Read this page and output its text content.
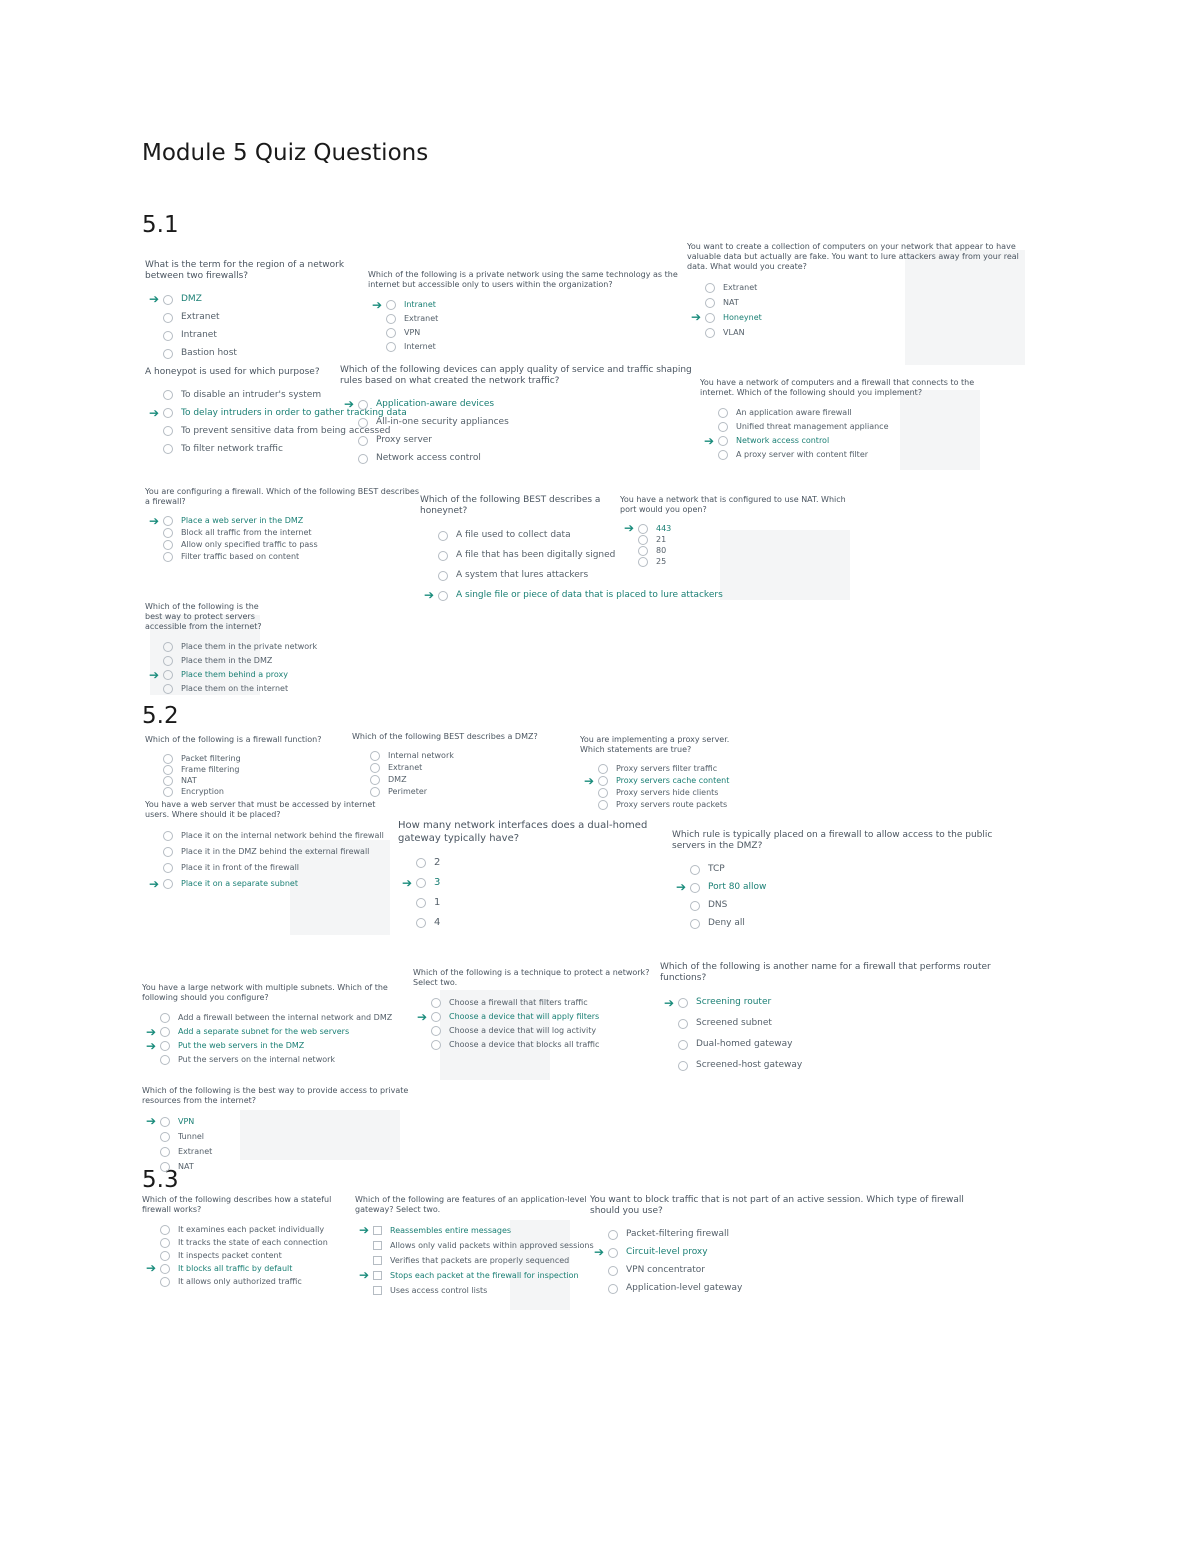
Module 5 Quiz Questions
5.1
5.2
5.3
What is the term for the region of a network between two firewalls?
➔ DMZ
Extranet
Intranet
Bastion host
Which of the following is a private network using the same technology as the internet but accessible only to users within the organization?
➔	Intranet
Extranet
VPN
Internet
You want to create a collection of computers on your network that appear to have valuable data but actually are fake. You want to lure attackers away from your real data. What would you create?
Extranet
NAT
➔	Honeynet
VLAN
A honeypot is used for which purpose?
To disable an intruder's system
➔ To delay intruders in order to gather tracking data
To prevent sensitive data from being accessed
To filter network traffic
Which of the following devices can apply quality of service and traffic shaping rules based on what created the network traffic?
➔ Application-aware devices
All-in-one security appliances
Proxy server
Network access control
You have a network of computers and a firewall that connects to the internet. Which of the following should you implement?
An application aware firewall
Unified threat management appliance
➔	Network access control
A proxy server with content filter
You are configuring a firewall. Which of the following BEST describes a firewall?
➔	Place a web server in the DMZ
Block all traffic from the internet
Allow only specified traffic to pass
Filter traffic based on content
Which of the following BEST describes a honeynet?
A file used to collect data
A file that has been digitally signed
A system that lures attackers
➔ A single file or piece of data that is placed to lure attackers
You have a network that is configured to use NAT. Which port would you open?
➔	443
21
80
25
Which of the following is the best way to protect servers accessible from the internet?
Place them in the private network
Place them in the DMZ
➔	Place them behind a proxy
Place them on the internet
Which of the following is a firewall function?
Packet filtering
Frame filtering
NAT
Encryption
Which of the following BEST describes a DMZ?
Internal network
Extranet
DMZ
Perimeter
You are implementing a proxy server. Which statements are true?
Proxy servers filter traffic
➔	Proxy servers cache content
Proxy servers hide clients
Proxy servers route packets
You have a web server that must be accessed by internet users. Where should it be placed?
Place it on the internal network behind the firewall
Place it in the DMZ behind the external firewall
Place it in front of the firewall
➔	Place it on a separate subnet
How many network interfaces does a dual-homed gateway typically have?
2
➔ 3
1
4
Which rule is typically placed on a firewall to allow access to the public servers in the DMZ?
TCP
➔ Port 80 allow
DNS
Deny all
You have a large network with multiple subnets. Which of the following should you configure?
Add a firewall between the internal network and DMZ
➔	Add a separate subnet for the web servers
➔	Put the web servers in the DMZ
Put the servers on the internal network
Which of the following is a technique to protect a network? Select two.
Choose a firewall that filters traffic
➔	Choose a device that will apply filters
Choose a device that will log activity
Choose a device that blocks all traffic
Which of the following is another name for a firewall that performs router functions?
➔ Screening router
Screened subnet
Dual-homed gateway
Screened-host gateway
Which of the following is the best way to provide access to private resources from the internet?
➔	VPN
Tunnel
Extranet
NAT
Which of the following describes how a stateful firewall works?
It examines each packet individually
It tracks the state of each connection
It inspects packet content
➔	It blocks all traffic by default
It allows only authorized traffic
Which of the following are features of an application-level gateway? Select two.
➔	Reassembles entire messages
Allows only valid packets within approved sessions
Verifies that packets are properly sequenced
➔	Stops each packet at the firewall for inspection
Uses access control lists
You want to block traffic that is not part of an active session. Which type of firewall should you use?
Packet-filtering firewall
➔ Circuit-level proxy
VPN concentrator
Application-level gateway
